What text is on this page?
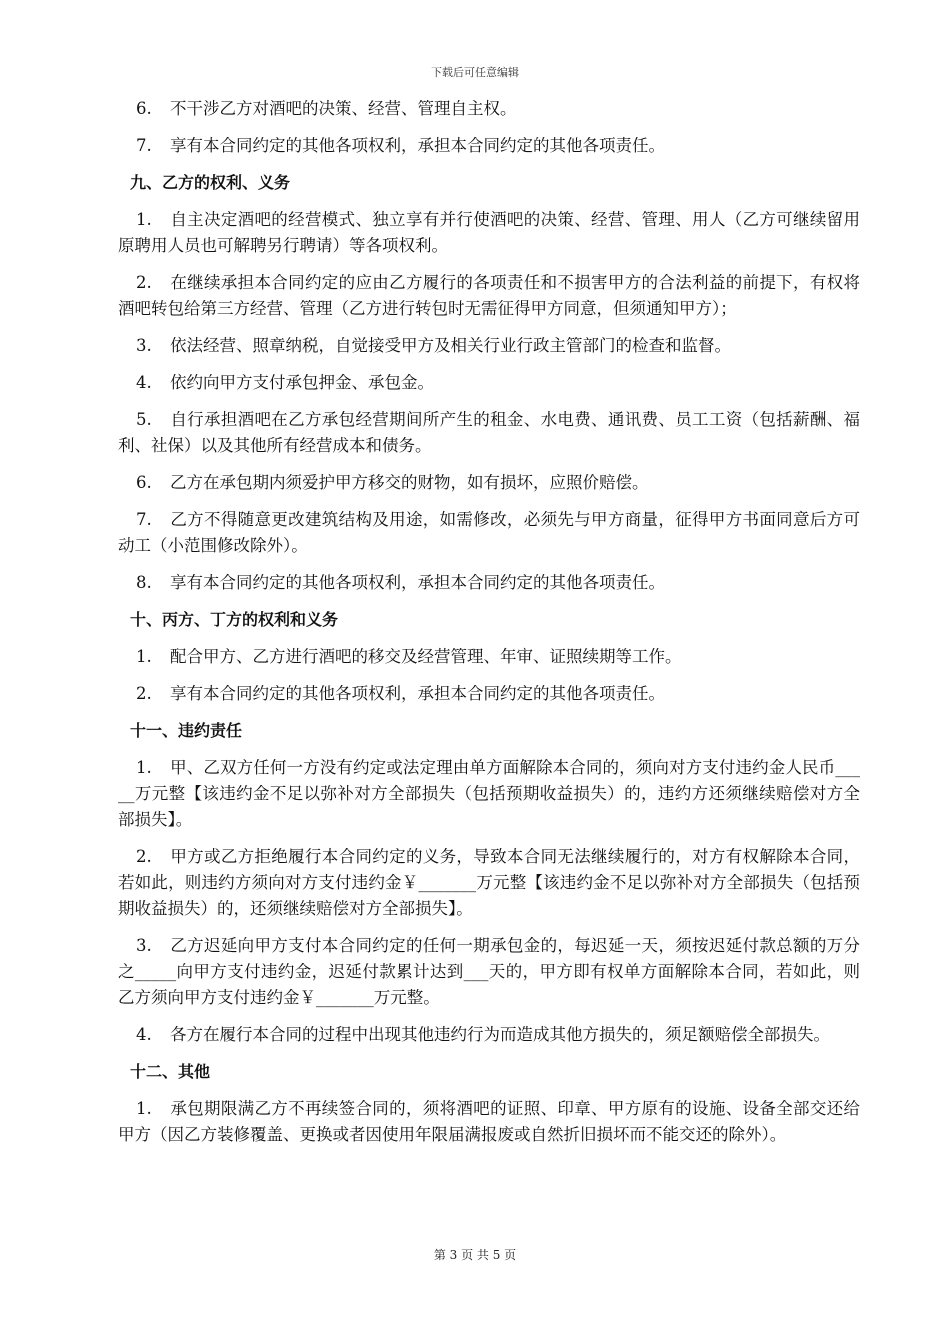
下载后可任意编辑
6. 不干涉乙方对酒吧的决策、经营、管理自主权。
7. 享有本合同约定的其他各项权利，承担本合同约定的其他各项责任。
九、乙方的权利、义务
1. 自主决定酒吧的经营模式、独立享有并行使酒吧的决策、经营、管理、用人（乙方可继续留用原聘用人员也可解聘另行聘请）等各项权利。
2. 在继续承担本合同约定的应由乙方履行的各项责任和不损害甲方的合法利益的前提下，有权将酒吧转包给第三方经营、管理（乙方进行转包时无需征得甲方同意，但须通知甲方）；
3. 依法经营、照章纳税，自觉接受甲方及相关行业行政主管部门的检查和监督。
4. 依约向甲方支付承包押金、承包金。
5. 自行承担酒吧在乙方承包经营期间所产生的租金、水电费、通讯费、员工工资（包括薪酬、福利、社保）以及其他所有经营成本和债务。
6. 乙方在承包期内须爱护甲方移交的财物，如有损坏，应照价赔偿。
7. 乙方不得随意更改建筑结构及用途，如需修改，必须先与甲方商量，征得甲方书面同意后方可动工（小范围修改除外）。
8. 享有本合同约定的其他各项权利，承担本合同约定的其他各项责任。
十、丙方、丁方的权利和义务
1. 配合甲方、乙方进行酒吧的移交及经营管理、年审、证照续期等工作。
2. 享有本合同约定的其他各项权利，承担本合同约定的其他各项责任。
十一、违约责任
1. 甲、乙双方任何一方没有约定或法定理由单方面解除本合同的，须向对方支付违约金人民币_____万元整【该违约金不足以弥补对方全部损失（包括预期收益损失）的，违约方还须继续赔偿对方全部损失】。
2. 甲方或乙方拒绝履行本合同约定的义务，导致本合同无法继续履行的，对方有权解除本合同，若如此，则违约方须向对方支付违约金￥_______万元整【该违约金不足以弥补对方全部损失（包括预期收益损失）的，还须继续赔偿对方全部损失】。
3. 乙方迟延向甲方支付本合同约定的任何一期承包金的，每迟延一天，须按迟延付款总额的万分之_____向甲方支付违约金，迟延付款累计达到___天的，甲方即有权单方面解除本合同，若如此，则乙方须向甲方支付违约金￥_______万元整。
4. 各方在履行本合同的过程中出现其他违约行为而造成其他方损失的，须足额赔偿全部损失。
十二、其他
1. 承包期限满乙方不再续签合同的，须将酒吧的证照、印章、甲方原有的设施、设备全部交还给甲方（因乙方装修覆盖、更换或者因使用年限届满报废或自然折旧损坏而不能交还的除外）。
第 3 页 共 5 页
